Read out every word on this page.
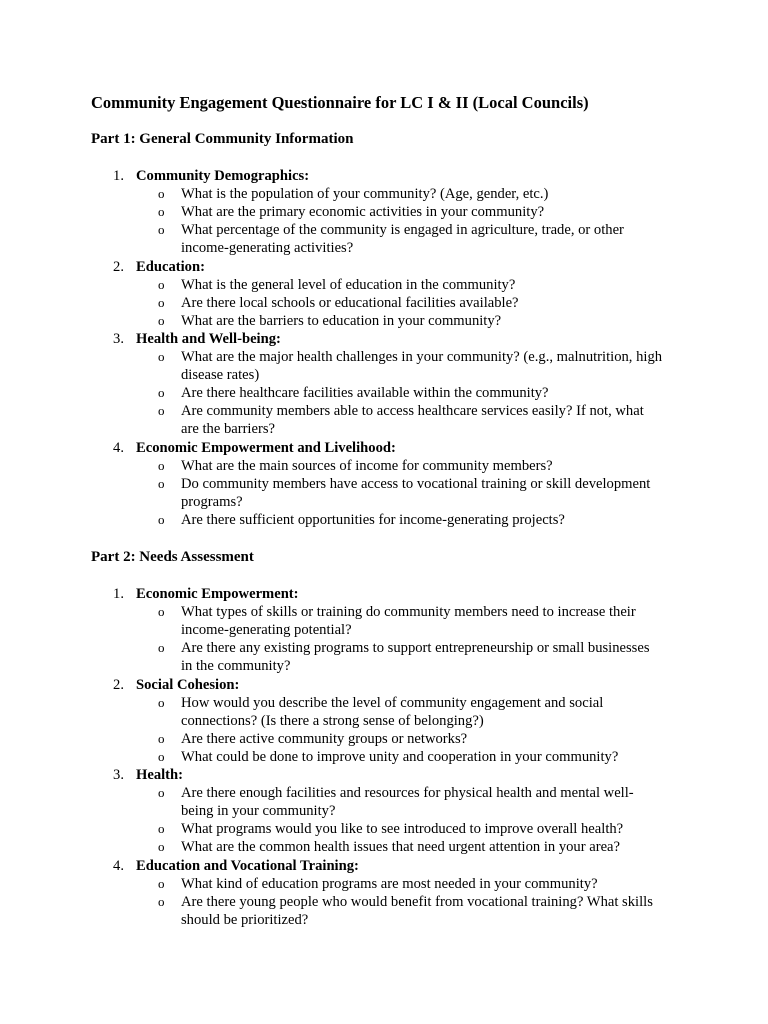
Community Engagement Questionnaire for LC I & II (Local Councils)
Part 1: General Community Information
1. Community Demographics:
o What is the population of your community? (Age, gender, etc.)
o What are the primary economic activities in your community?
o What percentage of the community is engaged in agriculture, trade, or other
income-generating activities?
2. Education:
o What is the general level of education in the community?
o Are there local schools or educational facilities available?
o What are the barriers to education in your community?
3. Health and Well-being:
o What are the major health challenges in your community? (e.g., malnutrition, high
disease rates)
o Are there healthcare facilities available within the community?
o Are community members able to access healthcare services easily? If not, what
are the barriers?
4. Economic Empowerment and Livelihood:
o What are the main sources of income for community members?
o Do community members have access to vocational training or skill development
programs?
o Are there sufficient opportunities for income-generating projects?
Part 2: Needs Assessment
1. Economic Empowerment:
o What types of skills or training do community members need to increase their
income-generating potential?
o Are there any existing programs to support entrepreneurship or small businesses
in the community?
2. Social Cohesion:
o How would you describe the level of community engagement and social
connections? (Is there a strong sense of belonging?)
o Are there active community groups or networks?
o What could be done to improve unity and cooperation in your community?
3. Health:
o Are there enough facilities and resources for physical health and mental well-
being in your community?
o What programs would you like to see introduced to improve overall health?
o What are the common health issues that need urgent attention in your area?
4. Education and Vocational Training:
o What kind of education programs are most needed in your community?
o Are there young people who would benefit from vocational training? What skills
should be prioritized?
